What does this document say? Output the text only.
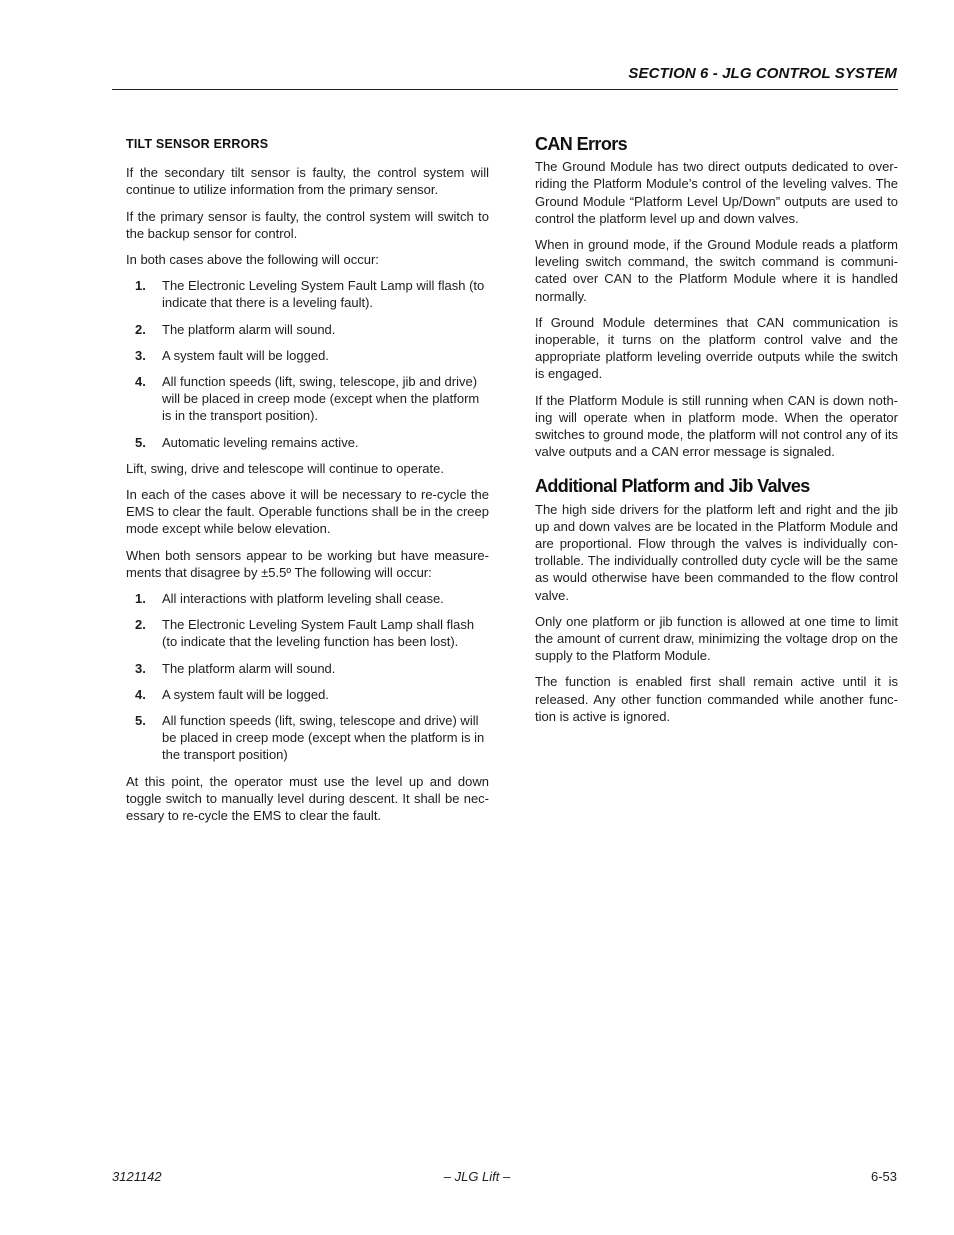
SECTION 6 - JLG CONTROL SYSTEM
TILT SENSOR ERRORS

If the secondary tilt sensor is faulty, the control system will continue to utilize information from the primary sensor.

If the primary sensor is faulty, the control system will switch to the backup sensor for control.

In both cases above the following will occur:

1. The Electronic Leveling System Fault Lamp will flash (to indicate that there is a leveling fault).
2. The platform alarm will sound.
3. A system fault will be logged.
4. All function speeds (lift, swing, telescope, jib and drive) will be placed in creep mode (except when the platform is in the transport position).
5. Automatic leveling remains active.

Lift, swing, drive and telescope will continue to operate.

In each of the cases above it will be necessary to re-cycle the EMS to clear the fault. Operable functions shall be in the creep mode except while below elevation.

When both sensors appear to be working but have measure-ments that disagree by ±5.5º The following will occur:

1. All interactions with platform leveling shall cease.
2. The Electronic Leveling System Fault Lamp shall flash (to indicate that the leveling function has been lost).
3. The platform alarm will sound.
4. A system fault will be logged.
5. All function speeds (lift, swing, telescope and drive) will be placed in creep mode (except when the platform is in the transport position)

At this point, the operator must use the level up and down toggle switch to manually level during descent. It shall be nec-essary to re-cycle the EMS to clear the fault.

CAN Errors

The Ground Module has two direct outputs dedicated to over-riding the Platform Module’s control of the leveling valves. The Ground Module “Platform Level Up/Down” outputs are used to control the platform level up and down valves.

When in ground mode, if the Ground Module reads a platform leveling switch command, the switch command is communi-cated over CAN to the Platform Module where it is handled normally.

If Ground Module determines that CAN communication is inoperable, it turns on the platform control valve and the appropriate platform leveling override outputs while the switch is engaged.

If the Platform Module is still running when CAN is down noth-ing will operate when in platform mode. When the operator switches to ground mode, the platform will not control any of its valve outputs and a CAN error message is signaled.

Additional Platform and Jib Valves

The high side drivers for the platform left and right and the jib up and down valves are be located in the Platform Module and are proportional. Flow through the valves is individually con-trollable. The individually controlled duty cycle will be the same as would otherwise have been commanded to the flow control valve.

Only one platform or jib function is allowed at one time to limit the amount of current draw, minimizing the voltage drop on the supply to the Platform Module.

The function is enabled first shall remain active until it is released. Any other function commanded while another func-tion is active is ignored.

3121142	– JLG Lift –	6-53
